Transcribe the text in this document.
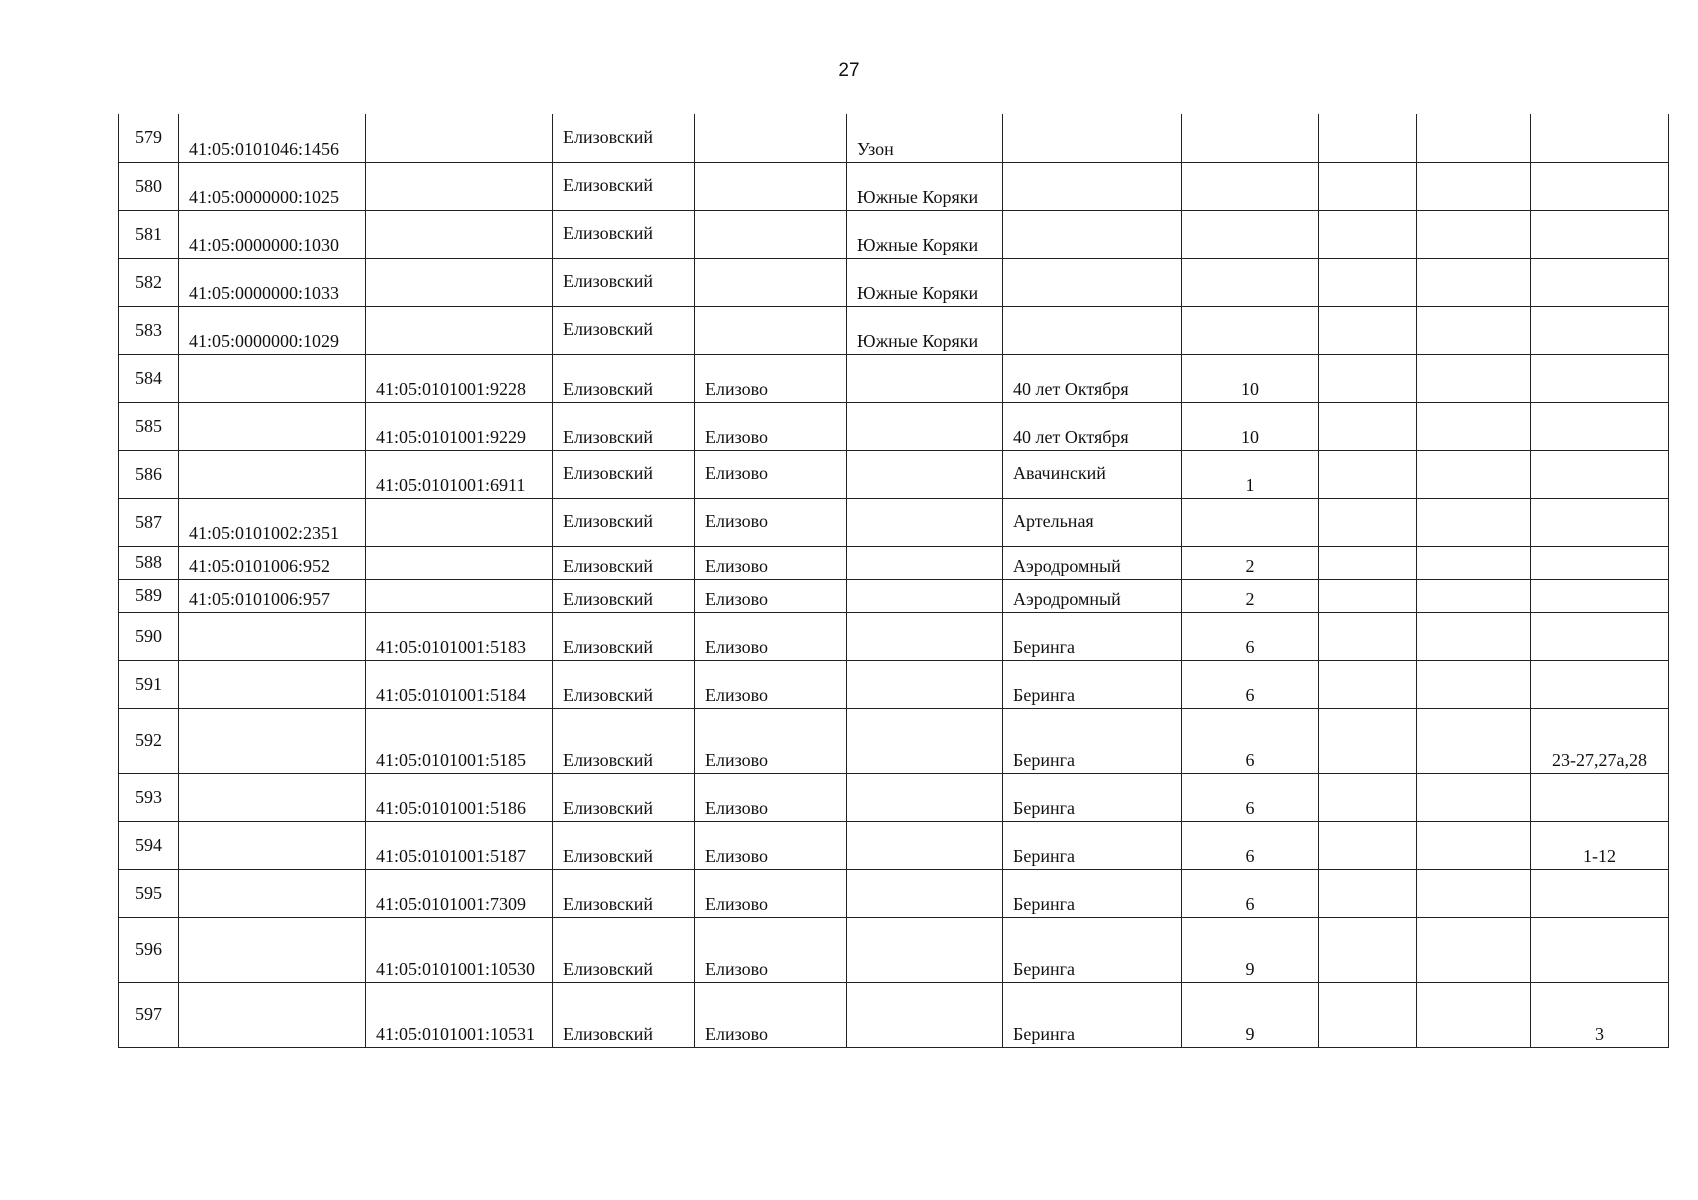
27
579	41:05:0101046:1456		Елизовский		Узон					
580	41:05:0000000:1025		Елизовский		Южные Коряки					
581	41:05:0000000:1030		Елизовский		Южные Коряки					
582	41:05:0000000:1033		Елизовский		Южные Коряки					
583	41:05:0000000:1029		Елизовский		Южные Коряки					
584		41:05:0101001:9228	Елизовский	Елизово		40 лет Октября	10			
585		41:05:0101001:9229	Елизовский	Елизово		40 лет Октября	10			
586		41:05:0101001:6911	Елизовский	Елизово		Авачинский	1			
587	41:05:0101002:2351		Елизовский	Елизово		Артельная				
588	41:05:0101006:952		Елизовский	Елизово		Аэродромный	2			
589	41:05:0101006:957		Елизовский	Елизово		Аэродромный	2			
590		41:05:0101001:5183	Елизовский	Елизово		Беринга	6			
591		41:05:0101001:5184	Елизовский	Елизово		Беринга	6			
592		41:05:0101001:5185	Елизовский	Елизово		Беринга	6			23-27,27а,28
593		41:05:0101001:5186	Елизовский	Елизово		Беринга	6			
594		41:05:0101001:5187	Елизовский	Елизово		Беринга	6			1-12
595		41:05:0101001:7309	Елизовский	Елизово		Беринга	6			
596		41:05:0101001:10530	Елизовский	Елизово		Беринга	9			
597		41:05:0101001:10531	Елизовский	Елизово		Беринга	9			3
